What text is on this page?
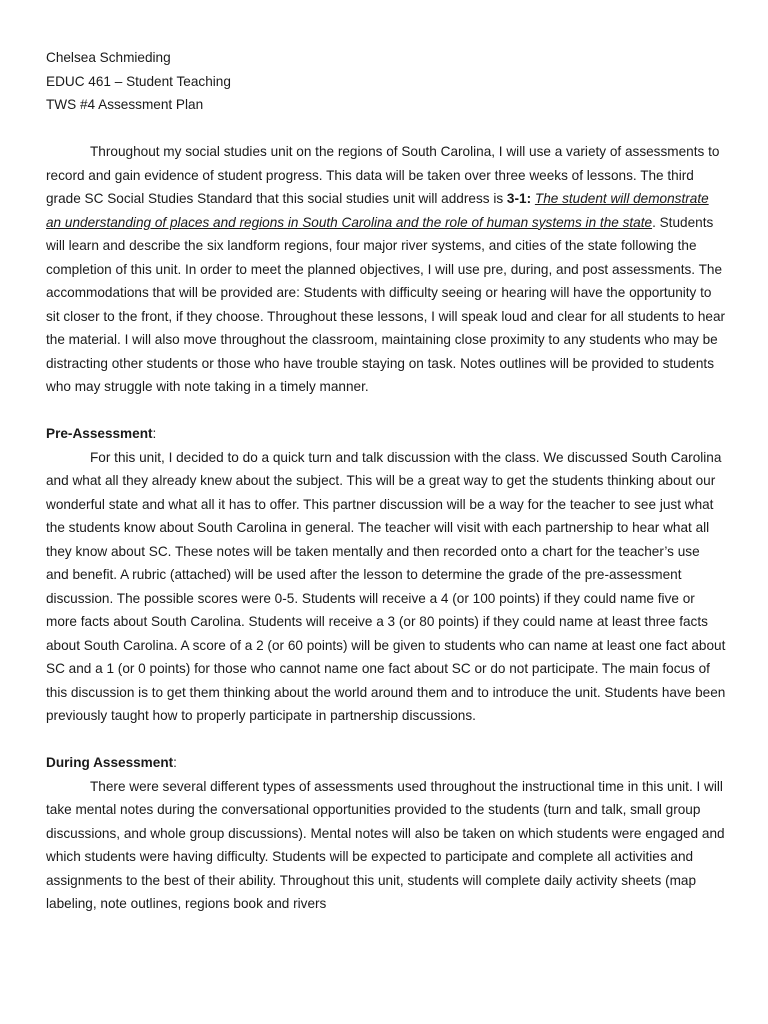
Chelsea Schmieding
EDUC 461 – Student Teaching
TWS #4 Assessment Plan

Throughout my social studies unit on the regions of South Carolina, I will use a variety of assessments to record and gain evidence of student progress. This data will be taken over three weeks of lessons. The third grade SC Social Studies Standard that this social studies unit will address is 3-1: The student will demonstrate an understanding of places and regions in South Carolina and the role of human systems in the state. Students will learn and describe the six landform regions, four major river systems, and cities of the state following the completion of this unit. In order to meet the planned objectives, I will use pre, during, and post assessments. The accommodations that will be provided are: Students with difficulty seeing or hearing will have the opportunity to sit closer to the front, if they choose. Throughout these lessons, I will speak loud and clear for all students to hear the material. I will also move throughout the classroom, maintaining close proximity to any students who may be distracting other students or those who have trouble staying on task. Notes outlines will be provided to students who may struggle with note taking in a timely manner.

Pre-Assessment:

For this unit, I decided to do a quick turn and talk discussion with the class. We discussed South Carolina and what all they already knew about the subject. This will be a great way to get the students thinking about our wonderful state and what all it has to offer. This partner discussion will be a way for the teacher to see just what the students know about South Carolina in general. The teacher will visit with each partnership to hear what all they know about SC. These notes will be taken mentally and then recorded onto a chart for the teacher’s use and benefit. A rubric (attached) will be used after the lesson to determine the grade of the pre-assessment discussion. The possible scores were 0-5. Students will receive a 4 (or 100 points) if they could name five or more facts about South Carolina. Students will receive a 3 (or 80 points) if they could name at least three facts about South Carolina. A score of a 2 (or 60 points) will be given to students who can name at least one fact about SC and a 1 (or 0 points) for those who cannot name one fact about SC or do not participate. The main focus of this discussion is to get them thinking about the world around them and to introduce the unit. Students have been previously taught how to properly participate in partnership discussions.

During Assessment:

There were several different types of assessments used throughout the instructional time in this unit. I will take mental notes during the conversational opportunities provided to the students (turn and talk, small group discussions, and whole group discussions). Mental notes will also be taken on which students were engaged and which students were having difficulty. Students will be expected to participate and complete all activities and assignments to the best of their ability. Throughout this unit, students will complete daily activity sheets (map labeling, note outlines, regions book and rivers
